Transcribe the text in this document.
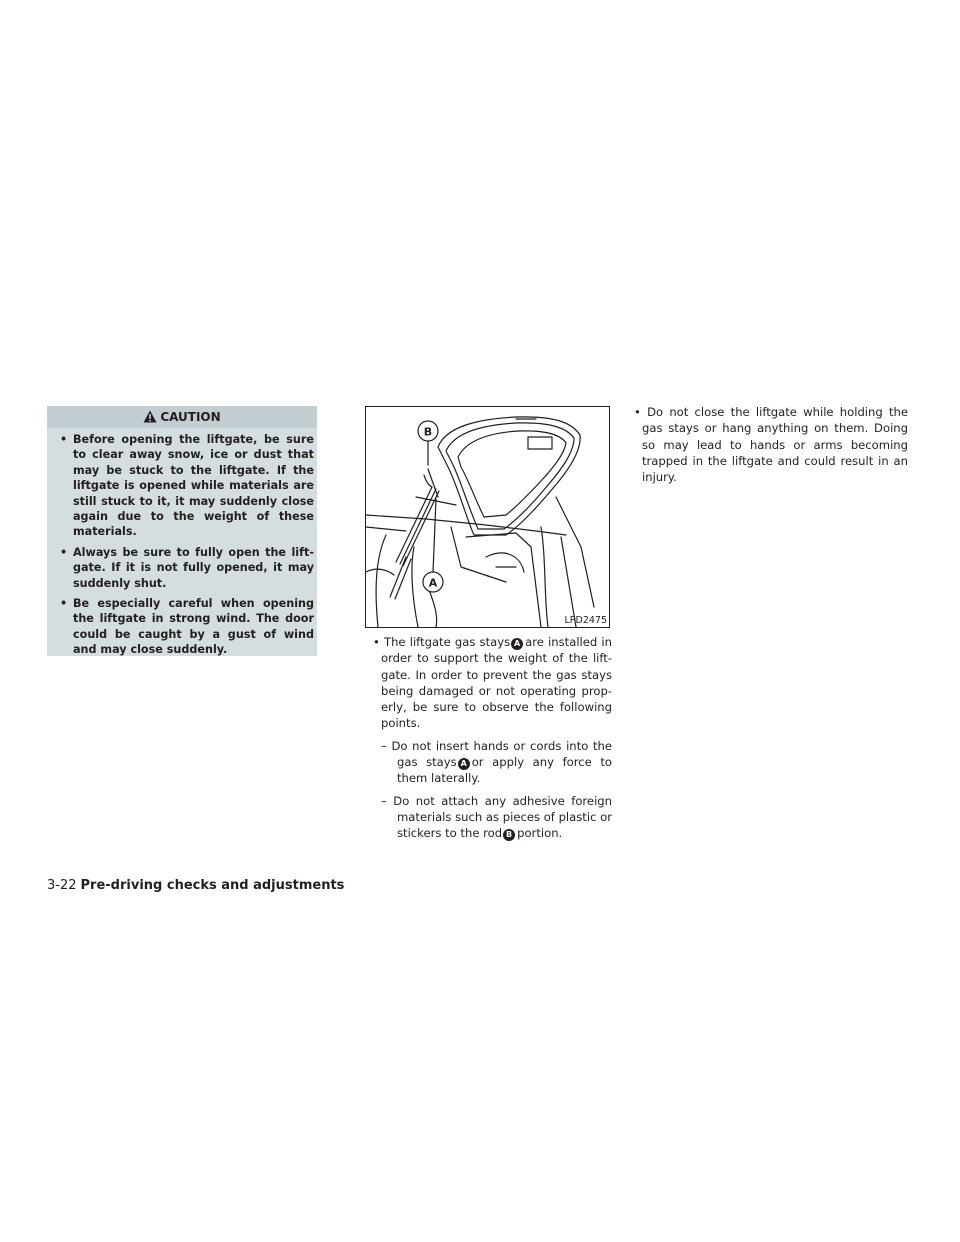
CAUTION
• Before opening the liftgate, be sure to clear away snow, ice or dust that may be stuck to the liftgate. If the liftgate is opened while materials are still stuck to it, it may suddenly close again due to the weight of these materials.
• Always be sure to fully open the lift-gate. If it is not fully opened, it may suddenly shut.
• Be especially careful when opening the liftgate in strong wind. The door could be caught by a gust of wind and may close suddenly.
B
A
LPD2475

• The liftgate gas stays A are installed in order to support the weight of the lift-gate. In order to prevent the gas stays being damaged or not operating prop-erly, be sure to observe the following points.

– Do not insert hands or cords into the gas stays A or apply any force to them laterally.

– Do not attach any adhesive foreign materials such as pieces of plastic or stickers to the rod B portion.

• Do not close the liftgate while holding the gas stays or hang anything on them. Doing so may lead to hands or arms becoming trapped in the liftgate and could result in an injury.

3-22 Pre-driving checks and adjustments
